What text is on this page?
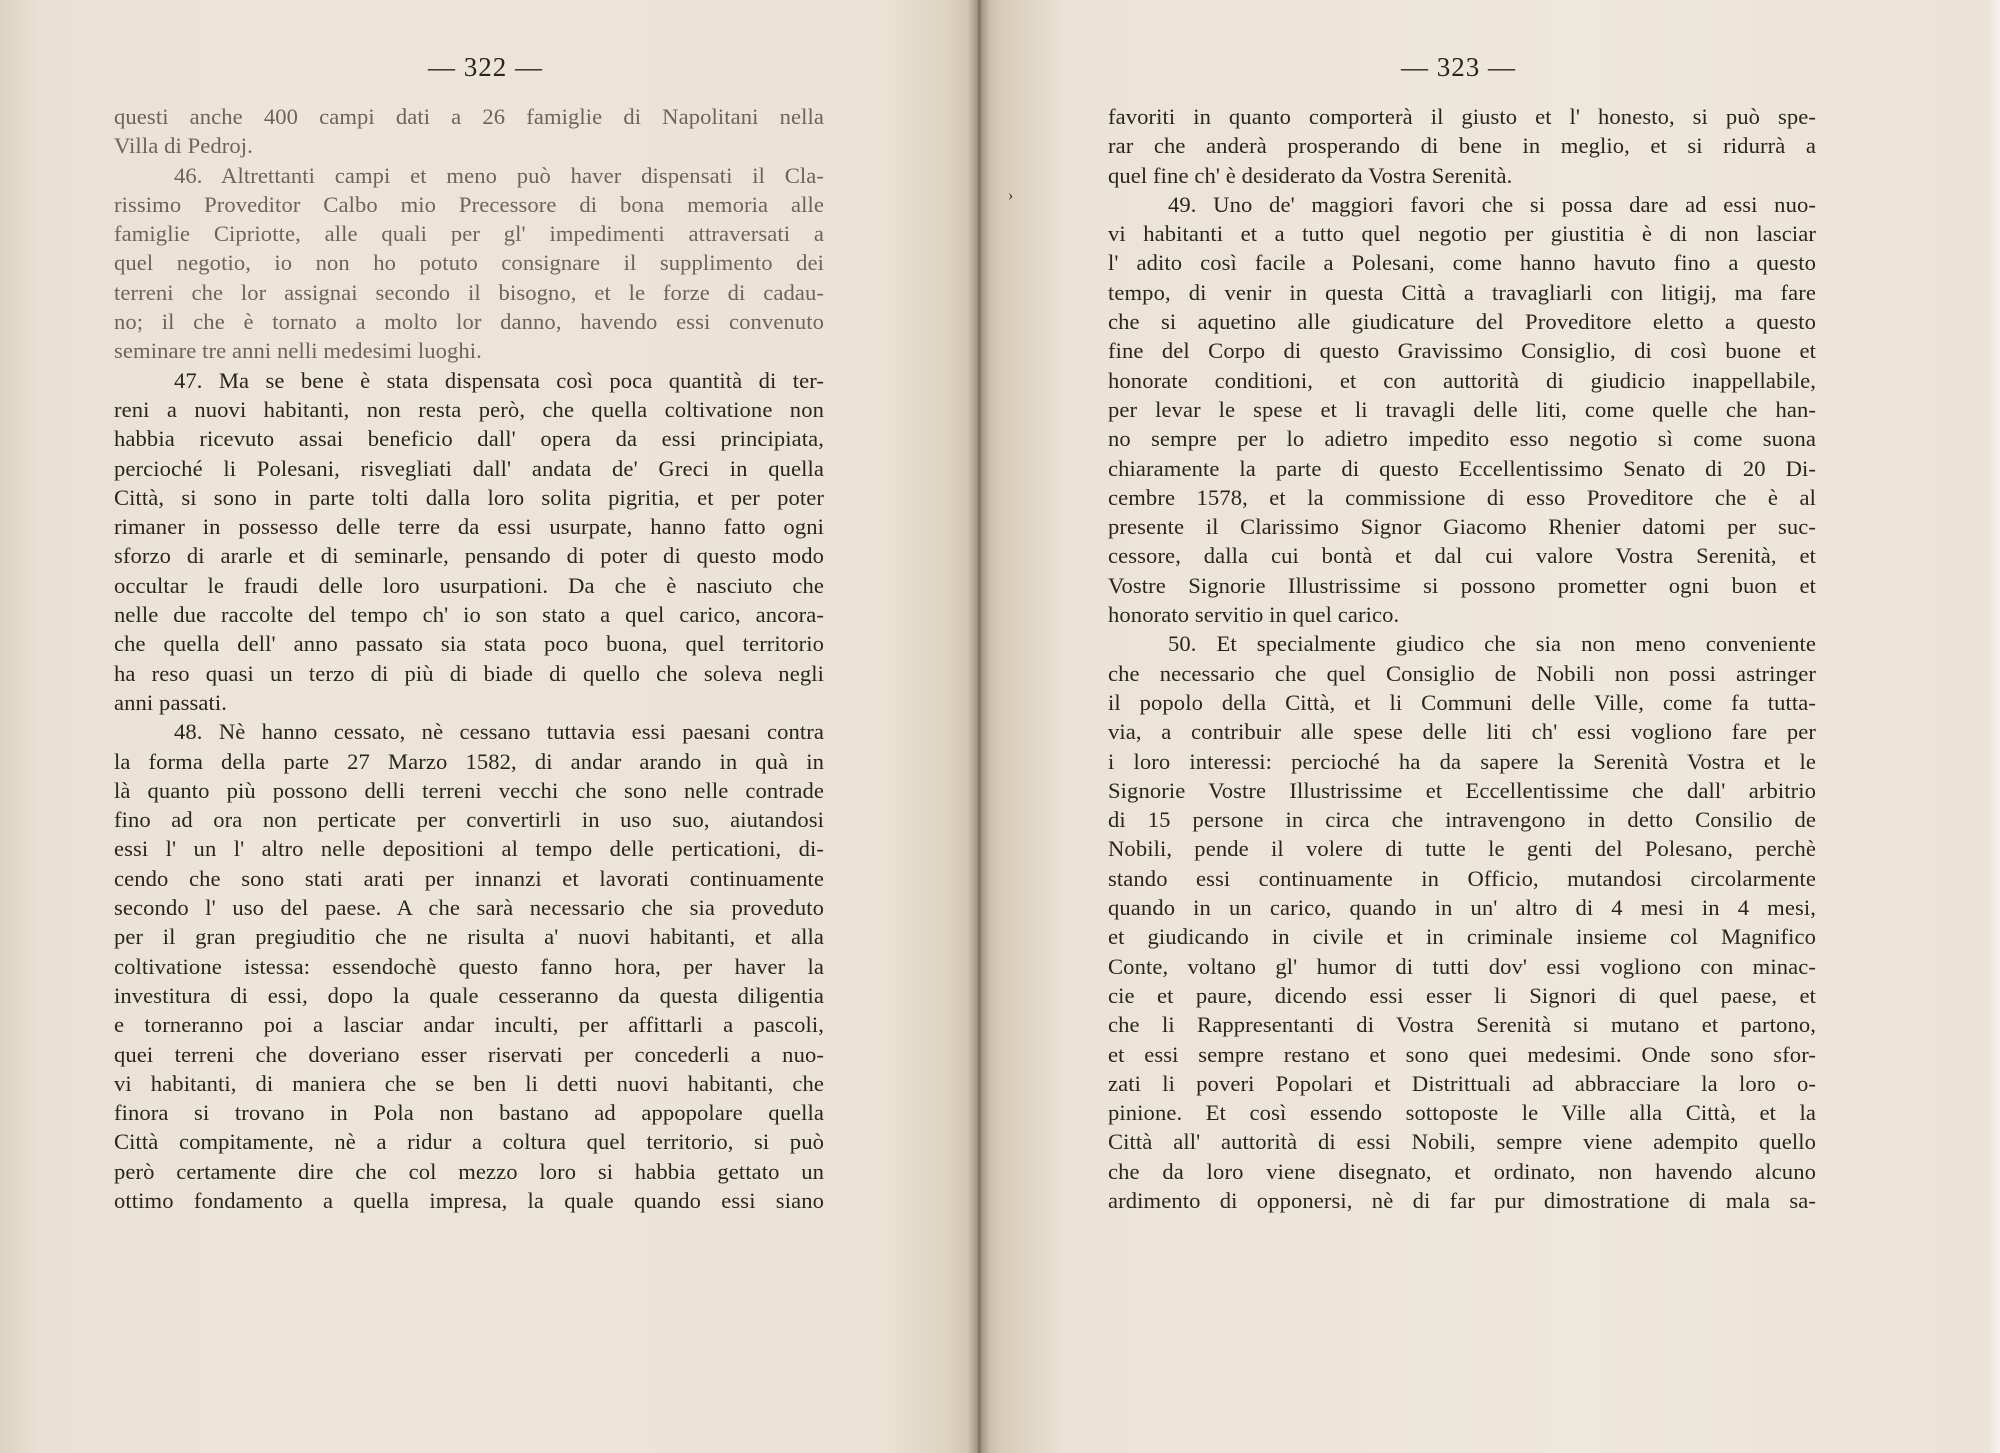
— 322 —
questi anche 400 campi dati a 26 famiglie di Napolitani nella
Villa di Pedroj.
46. Altrettanti campi et meno può haver dispensati il Cla-
rissimo Proveditor Calbo mio Precessore di bona memoria alle
famiglie Cipriotte, alle quali per gl' impedimenti attraversati a
quel negotio, io non ho potuto consignare il supplimento dei
terreni che lor assignai secondo il bisogno, et le forze di cadau-
no; il che è tornato a molto lor danno, havendo essi convenuto
seminare tre anni nelli medesimi luoghi.
47. Ma se bene è stata dispensata così poca quantità di ter-
reni a nuovi habitanti, non resta però, che quella coltivatione non
habbia ricevuto assai beneficio dall' opera da essi principiata,
percioché li Polesani, risvegliati dall' andata de' Greci in quella
Città, si sono in parte tolti dalla loro solita pigritia, et per poter
rimaner in possesso delle terre da essi usurpate, hanno fatto ogni
sforzo di ararle et di seminarle, pensando di poter di questo modo
occultar le fraudi delle loro usurpationi. Da che è nasciuto che
nelle due raccolte del tempo ch' io son stato a quel carico, ancora-
che quella dell' anno passato sia stata poco buona, quel territorio
ha reso quasi un terzo di più di biade di quello che soleva negli
anni passati.
48. Nè hanno cessato, nè cessano tuttavia essi paesani contra
la forma della parte 27 Marzo 1582, di andar arando in quà in
là quanto più possono delli terreni vecchi che sono nelle contrade
fino ad ora non perticate per convertirli in uso suo, aiutandosi
essi l' un l' altro nelle depositioni al tempo delle perticationi, di-
cendo che sono stati arati per innanzi et lavorati continuamente
secondo l' uso del paese. A che sarà necessario che sia proveduto
per il gran pregiuditio che ne risulta a' nuovi habitanti, et alla
coltivatione istessa: essendochè questo fanno hora, per haver la
investitura di essi, dopo la quale cesseranno da questa diligentia
e torneranno poi a lasciar andar inculti, per affittarli a pascoli,
quei terreni che doveriano esser riservati per concederli a nuo-
vi habitanti, di maniera che se ben li detti nuovi habitanti, che
finora si trovano in Pola non bastano ad appopolare quella
Città compitamente, nè a ridur a coltura quel territorio, si può
però certamente dire che col mezzo loro si habbia gettato un
ottimo fondamento a quella impresa, la quale quando essi siano
— 323 —
favoriti in quanto comporterà il giusto et l' honesto, si può spe-
rar che anderà prosperando di bene in meglio, et si ridurrà a
quel fine ch' è desiderato da Vostra Serenità.
49. Uno de' maggiori favori che si possa dare ad essi nuo-
vi habitanti et a tutto quel negotio per giustitia è di non lasciar
l' adito così facile a Polesani, come hanno havuto fino a questo
tempo, di venir in questa Città a travagliarli con litigij, ma fare
che si aquetino alle giudicature del Proveditore eletto a questo
fine del Corpo di questo Gravissimo Consiglio, di così buone et
honorate conditioni, et con auttorità di giudicio inappellabile,
per levar le spese et li travagli delle liti, come quelle che han-
no sempre per lo adietro impedito esso negotio sì come suona
chiaramente la parte di questo Eccellentissimo Senato di 20 Di-
cembre 1578, et la commissione di esso Proveditore che è al
presente il Clarissimo Signor Giacomo Rhenier datomi per suc-
cessore, dalla cui bontà et dal cui valore Vostra Serenità, et
Vostre Signorie Illustrissime si possono prometter ogni buon et
honorato servitio in quel carico.
50. Et specialmente giudico che sia non meno conveniente
che necessario che quel Consiglio de Nobili non possi astringer
il popolo della Città, et li Communi delle Ville, come fa tutta-
via, a contribuir alle spese delle liti ch' essi vogliono fare per
i loro interessi: percioché ha da sapere la Serenità Vostra et le
Signorie Vostre Illustrissime et Eccellentissime che dall' arbitrio
di 15 persone in circa che intravengono in detto Consilio de
Nobili, pende il volere di tutte le genti del Polesano, perchè
stando essi continuamente in Officio, mutandosi circolarmente
quando in un carico, quando in un' altro di 4 mesi in 4 mesi,
et giudicando in civile et in criminale insieme col Magnifico
Conte, voltano gl' humor di tutti dov' essi vogliono con minac-
cie et paure, dicendo essi esser li Signori di quel paese, et
che li Rappresentanti di Vostra Serenità si mutano et partono,
et essi sempre restano et sono quei medesimi. Onde sono sfor-
zati li poveri Popolari et Distrittuali ad abbracciare la loro o-
pinione. Et così essendo sottoposte le Ville alla Città, et la
Città all' auttorità di essi Nobili, sempre viene adempito quello
che da loro viene disegnato, et ordinato, non havendo alcuno
ardimento di opponersi, nè di far pur dimostratione di mala sa-
›
